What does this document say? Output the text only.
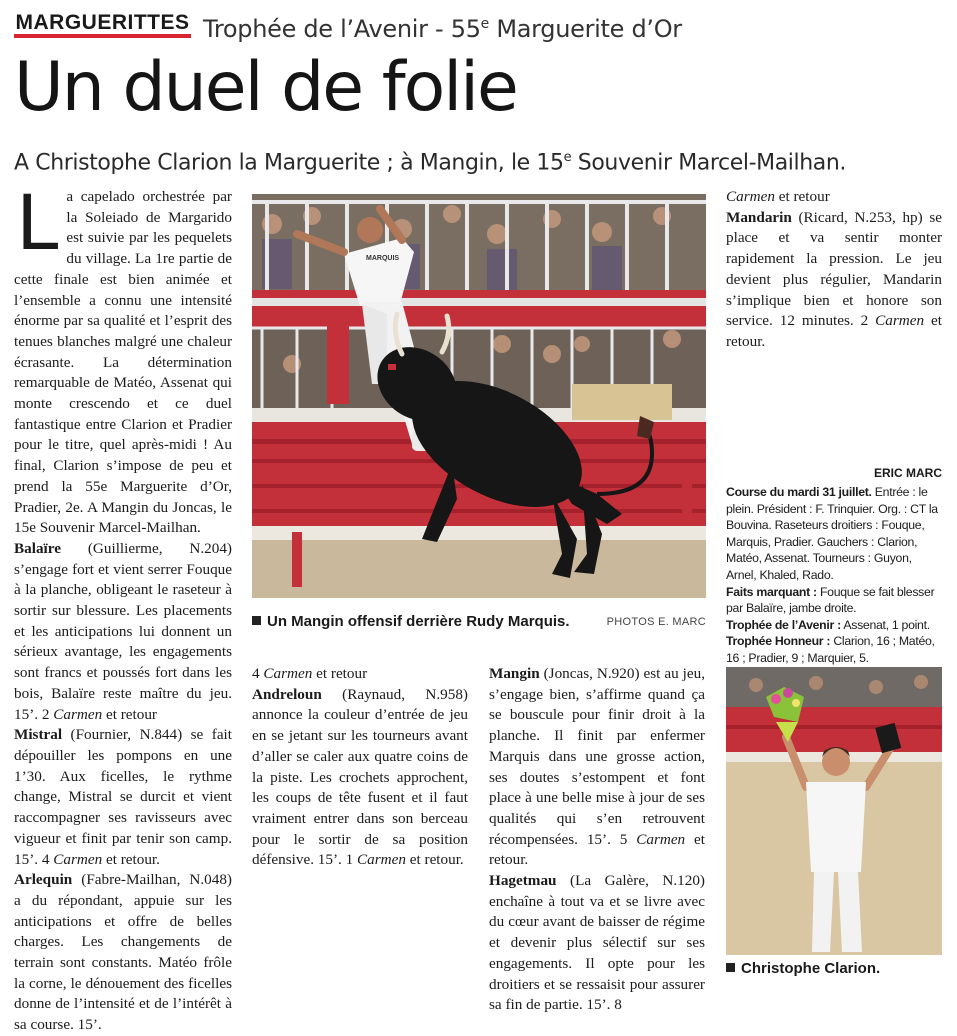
MARGUERITTES Trophée de l’Avenir - 55e Marguerite d’Or
Un duel de folie
A Christophe Clarion la Marguerite ; à Mangin, le 15e Souvenir Marcel-Mailhan.

La capelado orchestrée par la Soleiado de Margarido est suivie par les pequelets du village. La 1re partie de cette finale est bien animée et l’ensemble a connu une intensité énorme par sa qualité et l’esprit des tenues blanches malgré une chaleur écrasante. La détermination remarquable de Matéo, Assenat qui monte crescendo et ce duel fantastique entre Clarion et Pradier pour le titre, quel après-midi ! Au final, Clarion s’impose de peu et prend la 55e Marguerite d’Or, Pradier, 2e. A Mangin du Joncas, le 15e Souvenir Marcel-Mailhan.

Balaïre (Guillierme, N.204) s’engage fort et vient serrer Fouque à la planche, obligeant le raseteur à sortir sur blessure. Les placements et les anticipations lui donnent un sérieux avantage, les engagements sont francs et poussés fort dans les bois, Balaïre reste maître du jeu. 15’. 2 Carmen et retour

Mistral (Fournier, N.844) se fait dépouiller les pompons en une 1’30. Aux ficelles, le rythme change, Mistral se durcit et vient raccompagner ses ravisseurs avec vigueur et finit par tenir son camp. 15’. 4 Carmen et retour.

Arlequin (Fabre-Mailhan, N.048) a du répondant, appuie sur les anticipations et offre de belles charges. Les changements de terrain sont constants. Matéo frôle la corne, le dénouement des ficelles donne de l’intensité et de l’intérêt à sa course. 15’.

MARQUIS
Un Mangin offensif derrière Rudy Marquis.	PHOTOS E. MARC

4 Carmen et retour

Andreloun (Raynaud, N.958) annonce la couleur d’entrée de jeu en se jetant sur les tourneurs avant d’aller se caler aux quatre coins de la piste. Les crochets approchent, les coups de tête fusent et il faut vraiment entrer dans son berceau pour le sortir de sa position défensive. 15’. 1 Carmen et retour.

Mangin (Joncas, N.920) est au jeu, s’engage bien, s’affirme quand ça se bouscule pour finir droit à la planche. Il finit par enfermer Marquis dans une grosse action, ses doutes s’estompent et font place à une belle mise à jour de ses qualités qui s’en retrouvent récompensées. 15’. 5 Carmen et retour.

Hagetmau (La Galère, N.120) enchaîne à tout va et se livre avec du cœur avant de baisser de régime et devenir plus sélectif sur ses engagements. Il opte pour les droitiers et se ressaisit pour assurer sa fin de partie. 15’. 8

Carmen et retour

Mandarin (Ricard, N.253, hp) se place et va sentir monter rapidement la pression. Le jeu devient plus régulier, Mandarin s’implique bien et honore son service. 12 minutes. 2 Carmen et retour.

ERIC MARC

Course du mardi 31 juillet. Entrée : le plein. Président : F. Trinquier. Org. : CT la Bouvina. Raseteurs droitiers : Fouque, Marquis, Pradier. Gauchers : Clarion, Matéo, Assenat. Tourneurs : Guyon, Arnel, Khaled, Rado.

Faits marquant : Fouque se fait blesser par Balaïre, jambe droite.

Trophée de l’Avenir : Assenat, 1 point.

Trophée Honneur : Clarion, 16 ; Matéo, 16 ; Pradier, 9 ; Marquier, 5.

Christophe Clarion.
